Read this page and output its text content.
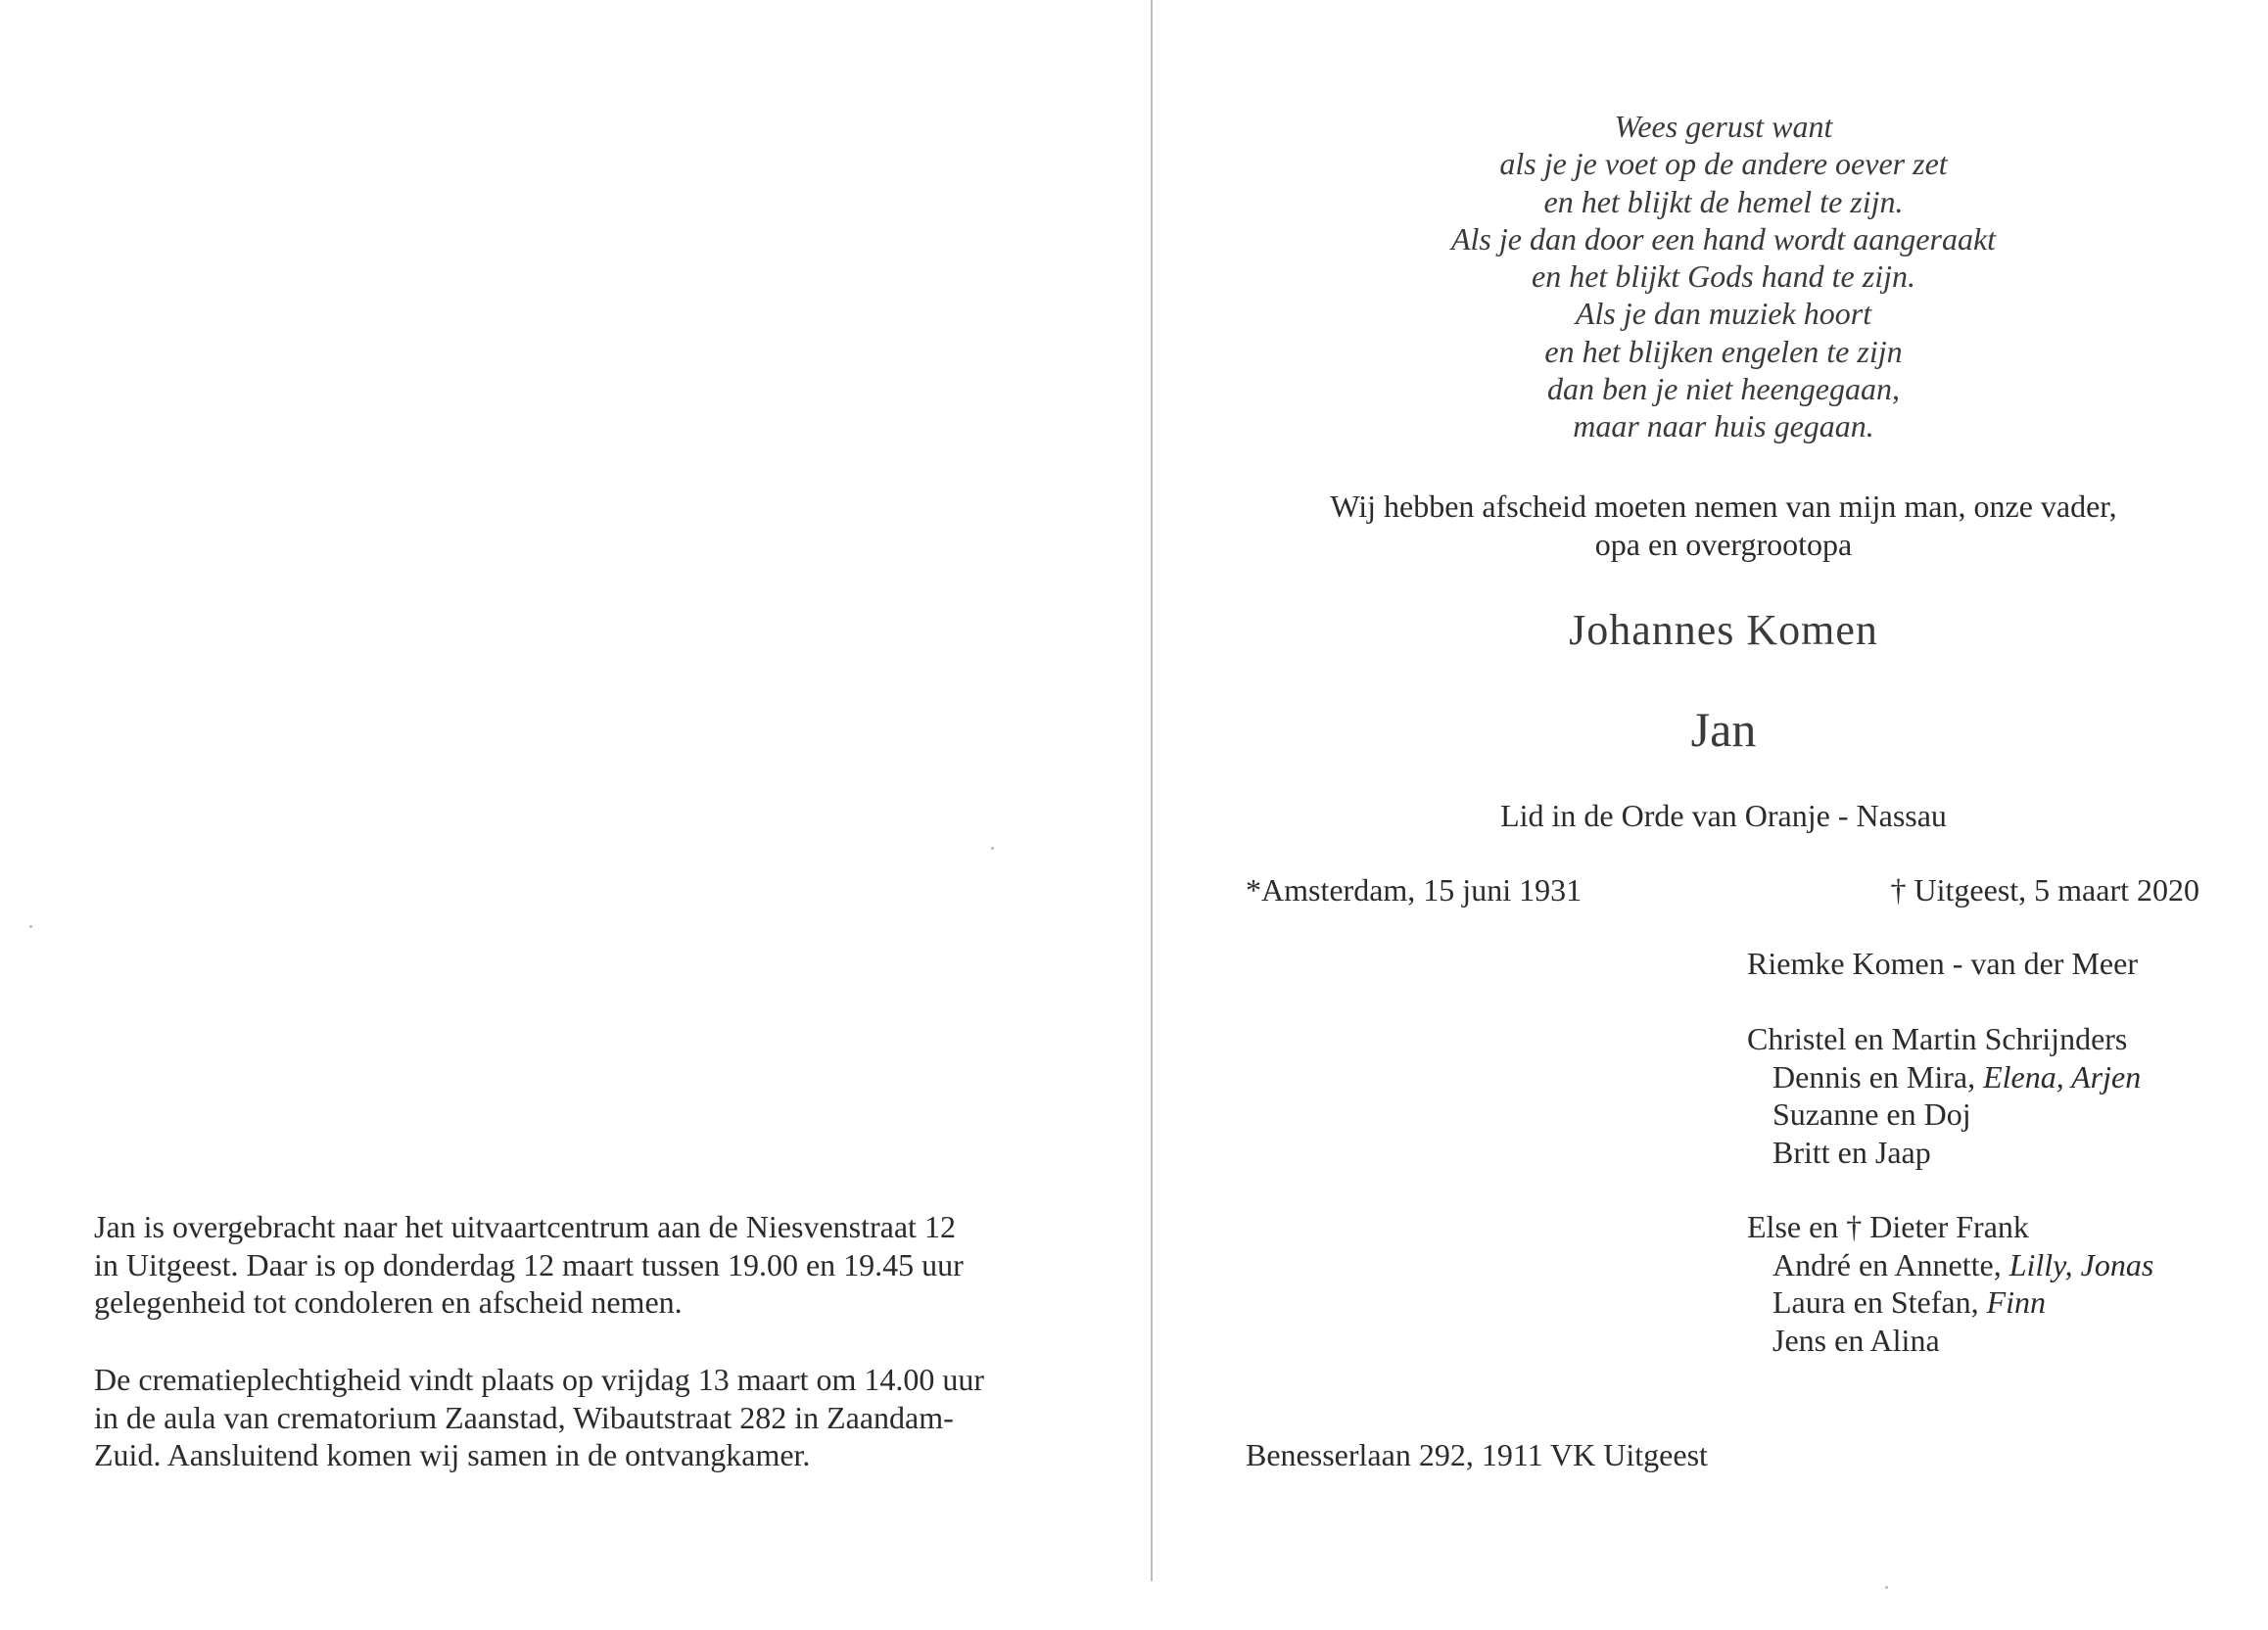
Jan is overgebracht naar het uitvaartcentrum aan de Niesvenstraat 12

in Uitgeest. Daar is op donderdag 12 maart tussen 19.00 en 19.45 uur

gelegenheid tot condoleren en afscheid nemen.

De crematieplechtigheid vindt plaats op vrijdag 13 maart om 14.00 uur

in de aula van crematorium Zaanstad, Wibautstraat 282 in Zaandam-

Zuid. Aansluitend komen wij samen in de ontvangkamer.

Wees gerust want
als je je voet op de andere oever zet
en het blijkt de hemel te zijn.
Als je dan door een hand wordt aangeraakt
en het blijkt Gods hand te zijn.
Als je dan muziek hoort
en het blijken engelen te zijn
dan ben je niet heengegaan,
maar naar huis gegaan.
Wij hebben afscheid moeten nemen van mijn man, onze vader,
opa en overgrootopa
Johannes Komen
Jan
Lid in de Orde van Oranje - Nassau
*Amsterdam, 15 juni 1931	† Uitgeest, 5 maart 2020
Riemke Komen - van der Meer
Christel en Martin Schrijnders
Dennis en Mira, Elena, Arjen
Suzanne en Doj
Britt en Jaap
Else en † Dieter Frank
André en Annette, Lilly, Jonas
Laura en Stefan, Finn
Jens en Alina
Benesserlaan 292, 1911 VK Uitgeest
